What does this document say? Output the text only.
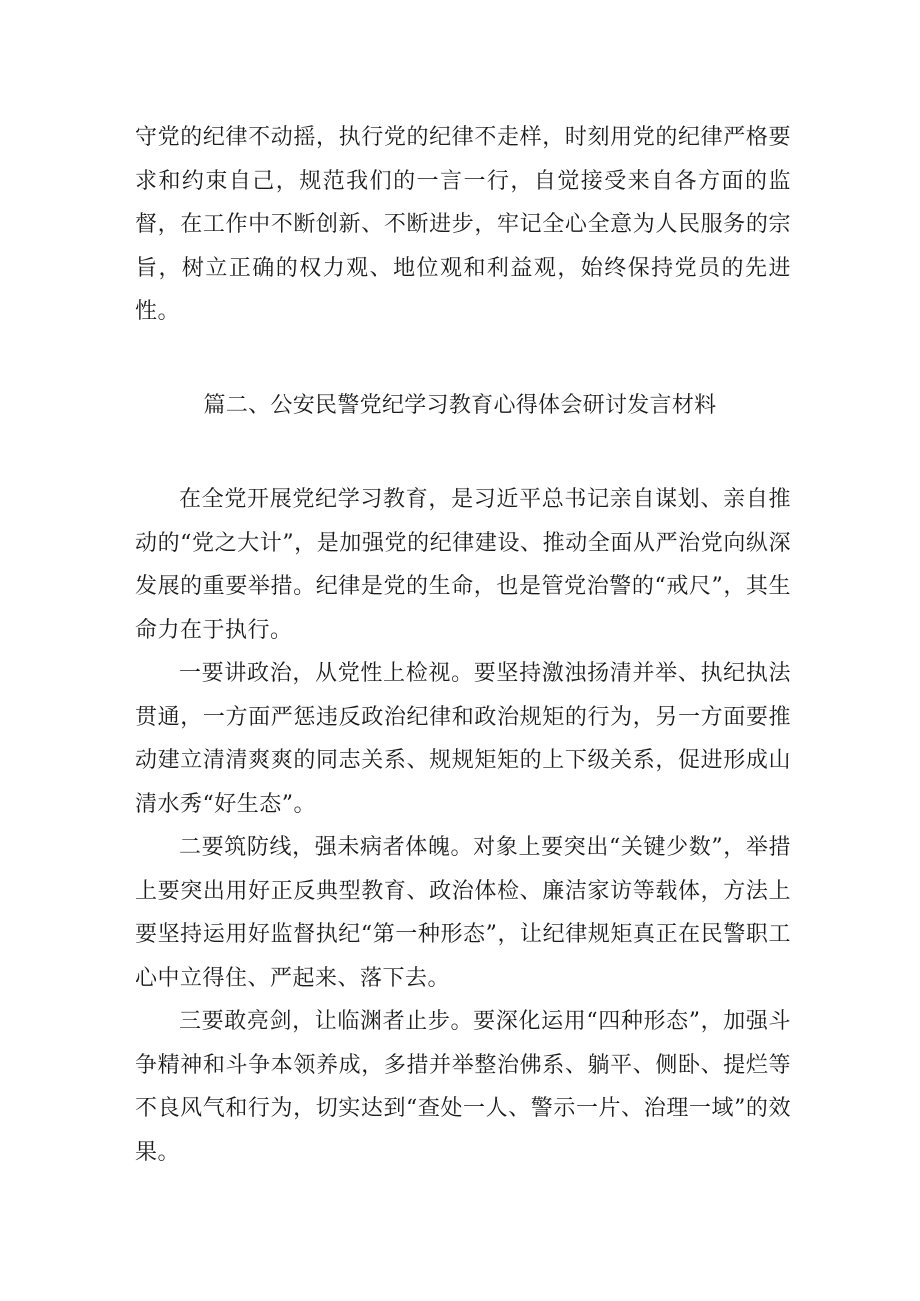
守党的纪律不动摇，执行党的纪律不走样，时刻用党的纪律严格要求和约束自己，规范我们的一言一行，自觉接受来自各方面的监督，在工作中不断创新、不断进步，牢记全心全意为人民服务的宗旨，树立正确的权力观、地位观和利益观，始终保持党员的先进性。

篇二、公安民警党纪学习教育心得体会研讨发言材料

在全党开展党纪学习教育，是习近平总书记亲自谋划、亲自推动的“党之大计”，是加强党的纪律建设、推动全面从严治党向纵深发展的重要举措。纪律是党的生命，也是管党治警的“戒尺”，其生命力在于执行。

一要讲政治，从党性上检视。要坚持激浊扬清并举、执纪执法贯通，一方面严惩违反政治纪律和政治规矩的行为，另一方面要推动建立清清爽爽的同志关系、规规矩矩的上下级关系，促进形成山清水秀“好生态”。

二要筑防线，强未病者体魄。对象上要突出“关键少数”，举措上要突出用好正反典型教育、政治体检、廉洁家访等载体，方法上要坚持运用好监督执纪“第一种形态”，让纪律规矩真正在民警职工心中立得住、严起来、落下去。

三要敢亮剑，让临渊者止步。要深化运用“四种形态”，加强斗争精神和斗争本领养成，多措并举整治佛系、躺平、侧卧、提烂等不良风气和行为，切实达到“查处一人、警示一片、治理一域”的效果。
